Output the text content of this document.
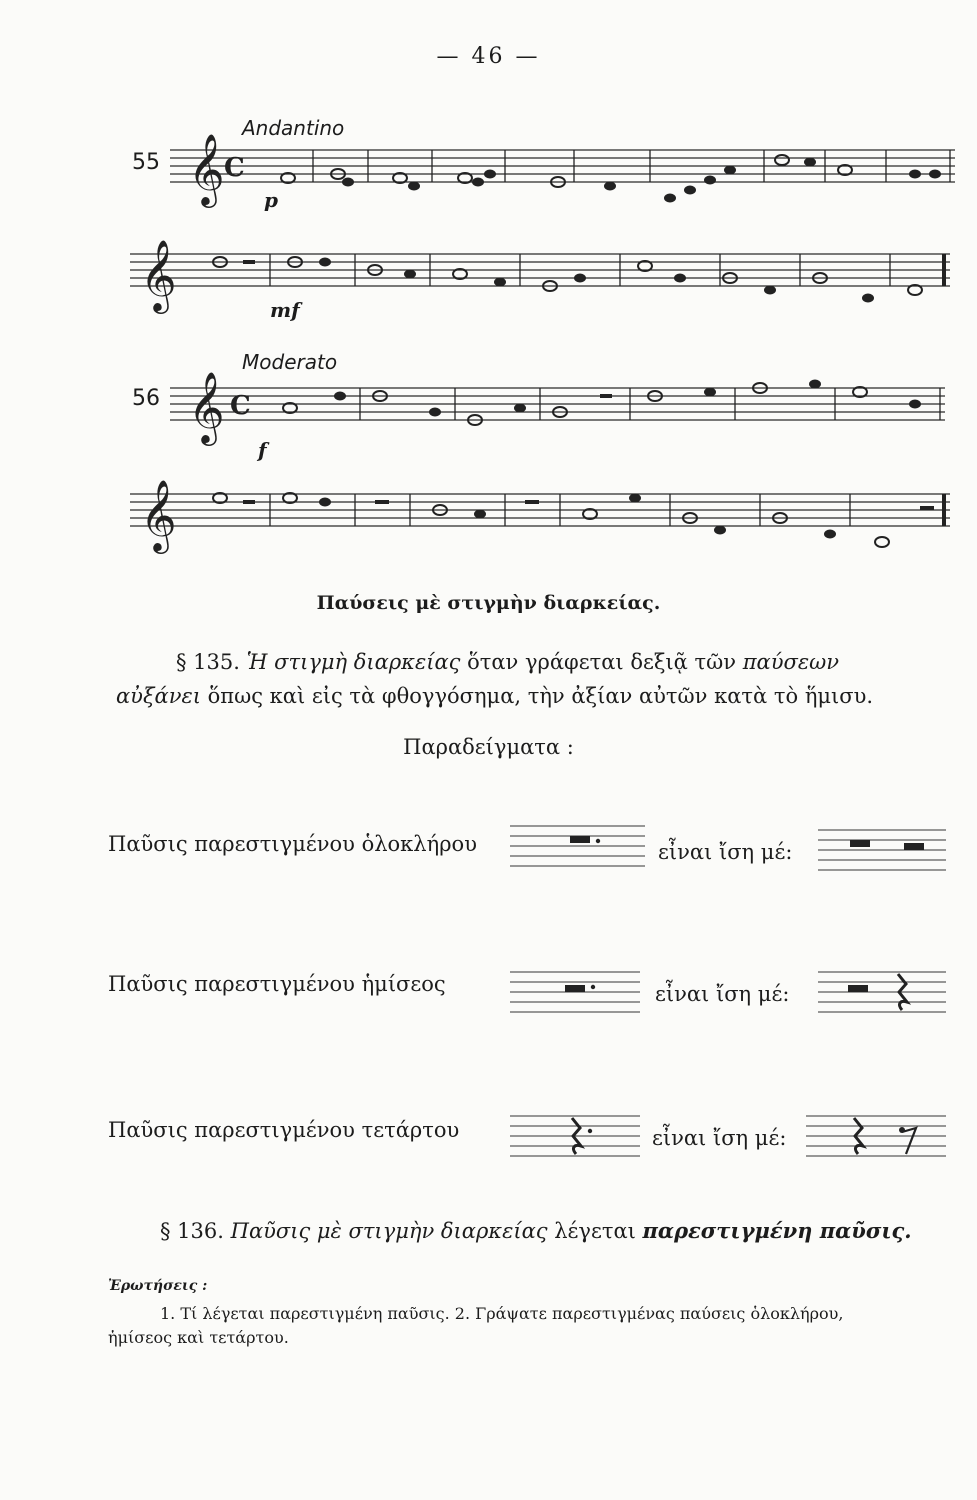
— 46 —
55
Andantino
p
mf
𝄞 C
𝄞
56
Moderato
f
𝄞 C
𝄞
Παύσεις μὲ στιγμὴν διαρκείας.
§ 135. Ἡ στιγμὴ διαρκείας ὅταν γράφεται δεξιᾷ τῶν παύσεων
αὐξάνει ὅπως καὶ εἰς τὰ φθογγόσημα, τὴν ἀξίαν αὐτῶν κατὰ τὸ ἥμισυ.
Παραδείγματα :
Παῦσις παρεστιγμένου ὁλοκλήρου	εἶναι ἴση μέ:
Παῦσις παρεστιγμένου ἡμίσεος	εἶναι ἴση μέ:
Παῦσις παρεστιγμένου τετάρτου	εἶναι ἴση μέ:
§ 136. Παῦσις μὲ στιγμὴν διαρκείας λέγεται παρεστιγμένη παῦσις.
Ἐρωτήσεις :
1. Τί λέγεται παρεστιγμένη παῦσις. 2. Γράψατε παρεστιγμένας παύσεις ὁλοκλήρου,
ἡμίσεος καὶ τετάρτου.
